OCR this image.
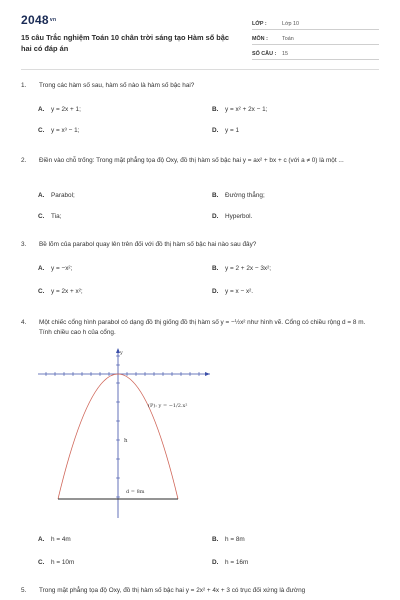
$2048^{vn}$
15 câu Trắc nghiệm Toán 10 chân trời sáng tạo Hàm số bậc hai có đáp án
LỚP :	Lớp 10
MÔN :	Toán
SỐ CÂU :	15
1.	Trong các hàm số sau, hàm số nào là hàm số bậc hai?
A. y = 2x + 1;	B. y = x² + 2x − 1;
C. y = x³ − 1;	D. y = 1
2.	Điền vào chỗ trống: Trong mặt phẳng tọa độ Oxy, đồ thị hàm số bậc hai y = ax² + bx + c (với a ≠ 0) là một ...
A. Parabol;	B. Đường thẳng;
C. Tia;	D. Hyperbol.
3.	Bề lõm của parabol quay lên trên đối với đồ thị hàm số bậc hai nào sau đây?
A. y = −x²;	B. y = 2 + 2x − 3x²;
C. y = 2x + x²;	D. y = x − x².
4.	Một chiếc cổng hình parabol có dạng đồ thị giống đồ thị hàm số y = −½x² như hình vẽ. Cổng có chiều rộng d = 8 m. Tính chiều cao h của cổng.
y
(P): y = −1/2.x²
h
d = 8m
A. h = 4m	B. h = 8m
C. h = 10m	D. h = 16m
5.	Trong mặt phẳng tọa độ Oxy, đồ thị hàm số bậc hai y = 2x² + 4x + 3 có trục đối xứng là đường
